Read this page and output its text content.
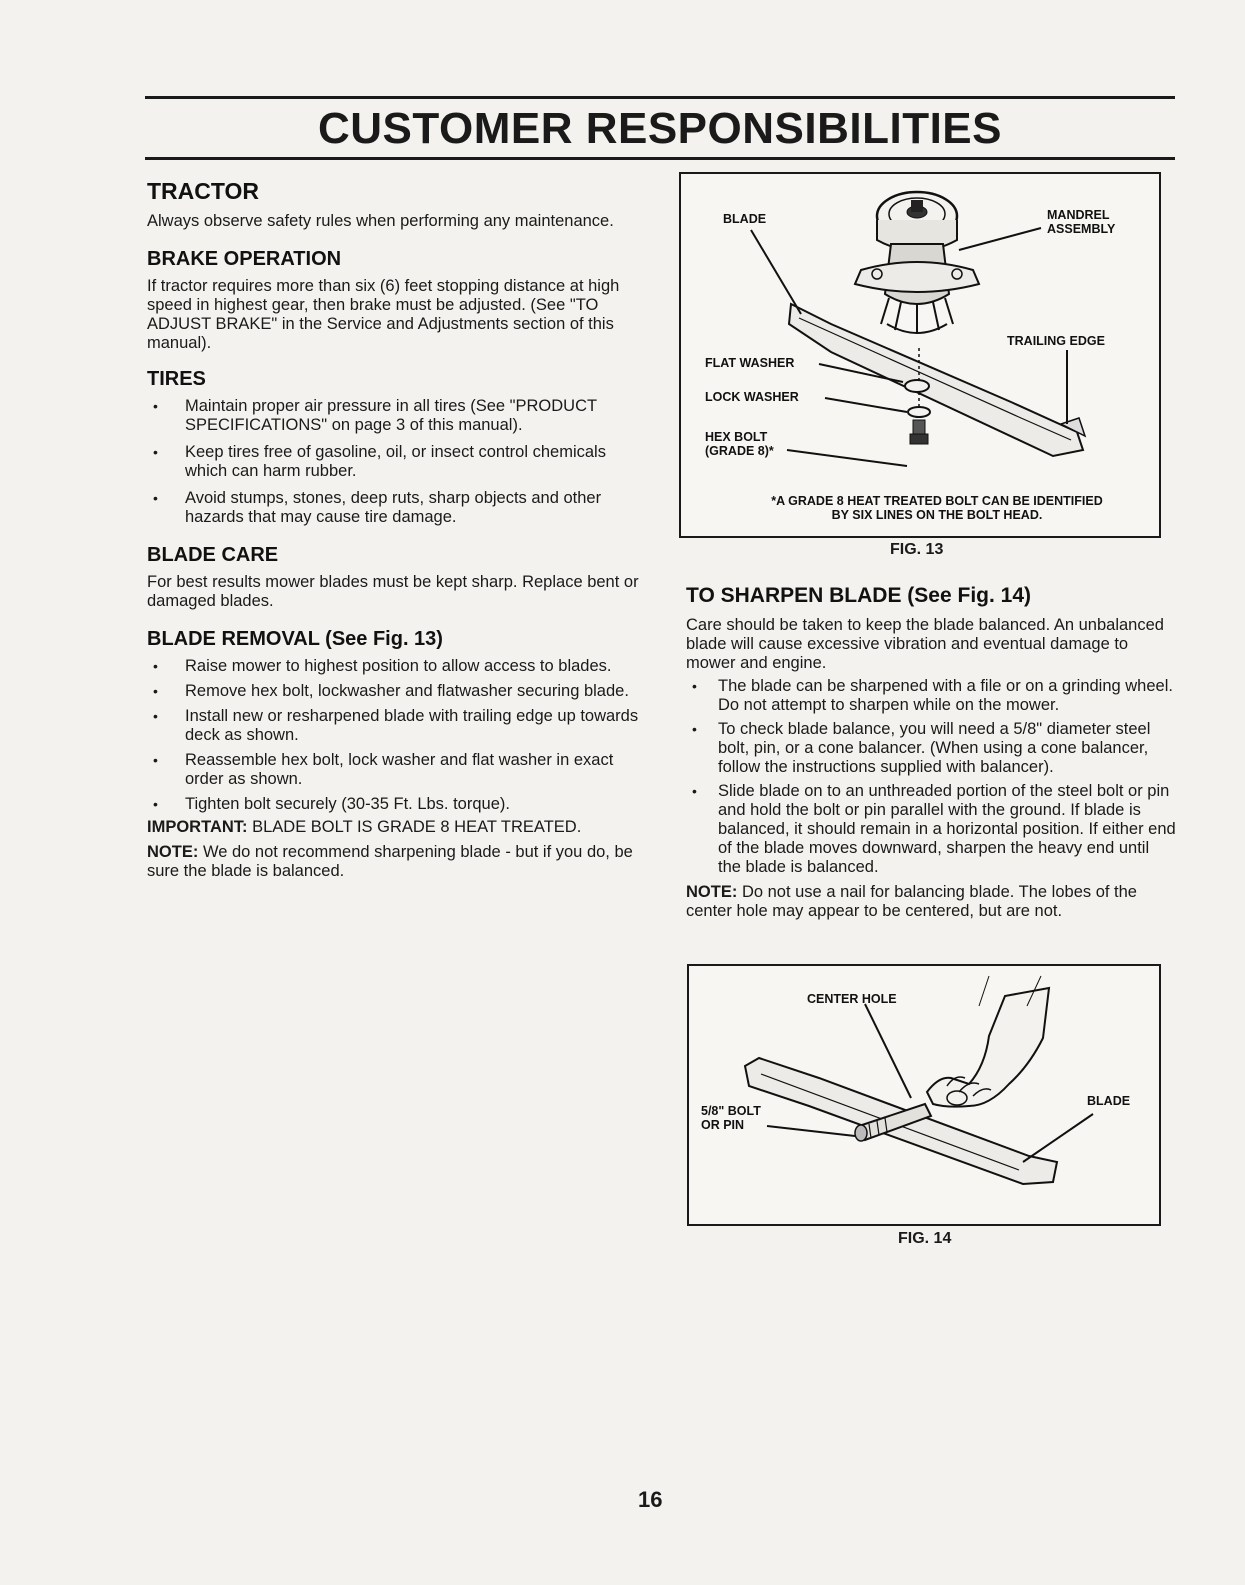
CUSTOMER RESPONSIBILITIES
TRACTOR

Always observe safety rules when performing any maintenance.

BRAKE OPERATION

If tractor requires more than six (6) feet stopping distance at high speed in highest gear, then brake must be adjusted. (See "TO ADJUST BRAKE" in the Service and Adjustments section of this manual).

TIRES
• Maintain proper air pressure in all tires (See "PRODUCT SPECIFICATIONS" on page 3 of this manual).
• Keep tires free of gasoline, oil, or insect control chemicals which can harm rubber.
• Avoid stumps, stones, deep ruts, sharp objects and other hazards that may cause tire damage.
BLADE CARE

For best results mower blades must be kept sharp. Replace bent or damaged blades.

BLADE REMOVAL (See Fig. 13)
• Raise mower to highest position to allow access to blades.
• Remove hex bolt, lockwasher and flatwasher securing blade.
• Install new or resharpened blade with trailing edge up towards deck as shown.
• Reassemble hex bolt, lock washer and flat washer in exact order as shown.
• Tighten bolt securely (30-35 Ft. Lbs. torque).

IMPORTANT: BLADE BOLT IS GRADE 8 HEAT TREATED.

NOTE: We do not recommend sharpening blade - but if you do, be sure the blade is balanced.

BLADE	MANDREL ASSEMBLY

TRAILING EDGE

FLAT WASHER

LOCK WASHER

HEX BOLT (GRADE 8)*

*A GRADE 8 HEAT TREATED BOLT CAN BE IDENTIFIED BY SIX LINES ON THE BOLT HEAD.

FIG. 13

TO SHARPEN BLADE (See Fig. 14)

Care should be taken to keep the blade balanced. An unbalanced blade will cause excessive vibration and eventual damage to mower and engine.

• The blade can be sharpened with a file or on a grinding wheel. Do not attempt to sharpen while on the mower.
• To check blade balance, you will need a 5/8" diameter steel bolt, pin, or a cone balancer. (When using a cone balancer, follow the instructions supplied with balancer).
• Slide blade on to an unthreaded portion of the steel bolt or pin and hold the bolt or pin parallel with the ground. If blade is balanced, it should remain in a horizontal position. If either end of the blade moves downward, sharpen the heavy end until the blade is balanced.

NOTE: Do not use a nail for balancing blade. The lobes of the center hole may appear to be centered, but are not.

CENTER HOLE

5/8" BOLT OR PIN

BLADE

FIG. 14

16
